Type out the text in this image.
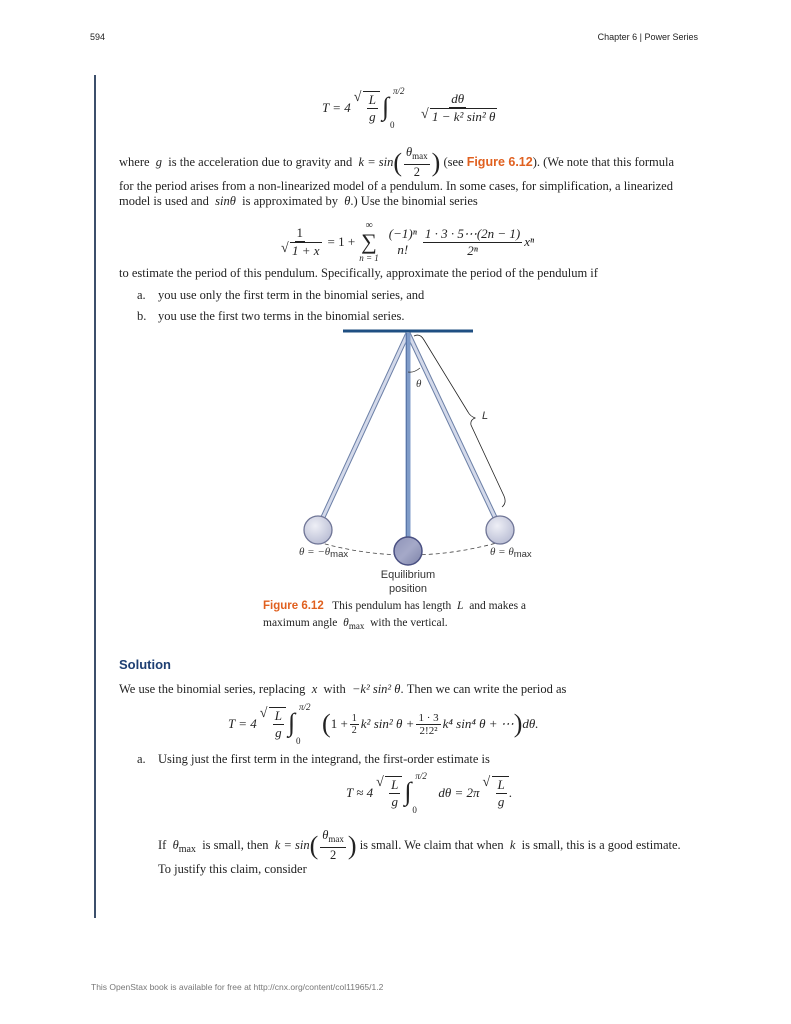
594	Chapter 6 | Power Series
T = 4 √ $\frac{L}{g}$ ∫
π/2
0 dθ
√ 1 − k² sin² θ
where
g
is the acceleration due to gravity and
k = sin ( $\frac{\theta_{max}}{2}$ )
(see
Figure 6.12 ). (We note that this formula
for the period arises from a non-linearized model of a pendulum. In some cases, for simplification, a linearized
model is used and sinθ is approximated by θ.) Use the binomial series
1
√ 1 + x = 1 +
∞
∑
n = 1
(−1)ⁿ
n! $\frac{1 \cdot 3 \cdot 5\cdots(2n - 1)}{\text{2ⁿ}}$ xⁿ
to estimate the period of this pendulum. Specifically, approximate the period of the pendulum if
a. you use only the first term in the binomial series, and
b. you use the first two terms in the binomial series.
θ
L
θ = −θmax	θ = θmax
Equilibrium
position
Figure 6.12 This pendulum has length L and makes a
maximum angle $\theta_{max}$ with the vertical.
Solution
We use the binomial series, replacing x with −k² sin² θ. Then we can write the period as
T = 4 √ $\frac{L}{g}$ ∫
π/2
0
( $1 + \frac{1}{2} k^2$ sin² $\theta + \frac{1 \cdot 3}{\text{2!2²}} k^4$ sin⁴ θ + ⋯ ) dθ.
a. Using just the first term in the integrand, the first-order estimate is
T ≈ 4 √ $\frac{L}{g}$ ∫
π/2
0
dθ = 2π √ $\frac{L}{g}$ .
If
θ max
is small, then
k = sin ( $\frac{\theta_{max}}{2}$ )
is small. We claim that when
k
is small, this is a good estimate.
To justify this claim, consider
This OpenStax book is available for free at http://cnx.org/content/col11965/1.2
